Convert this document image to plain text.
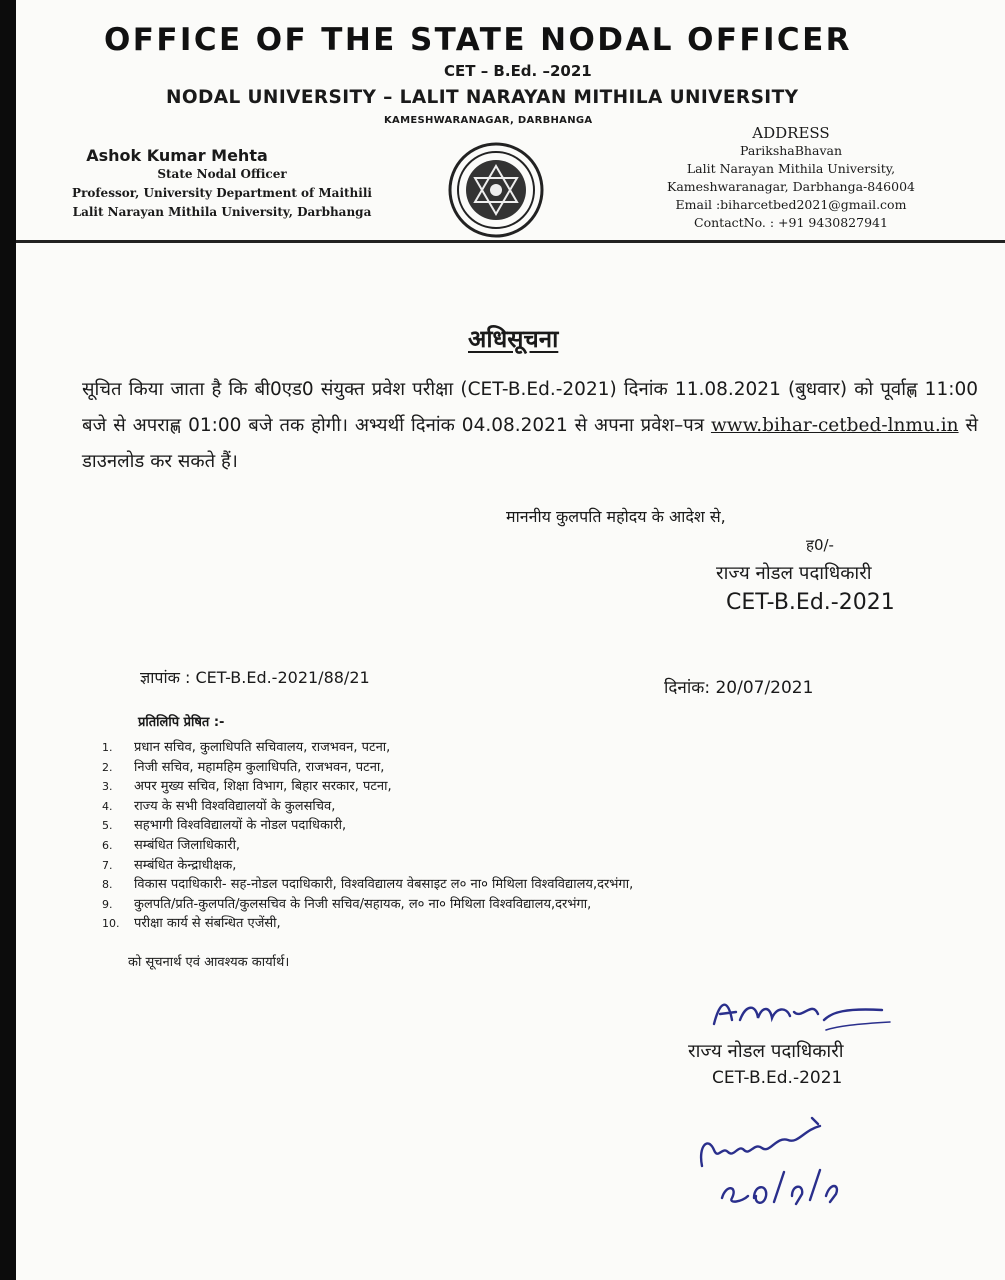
OFFICE OF THE STATE NODAL OFFICER
CET – B.Ed. –2021
NODAL UNIVERSITY – LALIT NARAYAN MITHILA UNIVERSITY
KAMESHWARANAGAR, DARBHANGA
Ashok Kumar Mehta
State Nodal Officer
Professor, University Department of Maithili
Lalit Narayan Mithila University, Darbhanga
ADDRESS
ParikshaBhavan
Lalit Narayan Mithila University,
Kameshwaranagar, Darbhanga-846004
Email :biharcetbed2021@gmail.com
ContactNo. : +91 9430827941
अधिसूचना
सूचित किया जाता है कि बी0एड0 संयुक्त प्रवेश परीक्षा (CET-B.Ed.-2021) दिनांक 11.08.2021 (बुधवार) को पूर्वाह्ण 11:00 बजे से अपराह्ण 01:00 बजे तक होगी। अभ्यर्थी दिनांक 04.08.2021 से अपना प्रवेश–पत्र www.bihar-cetbed-lnmu.in से डाउनलोड कर सकते हैं।
माननीय कुलपति महोदय के आदेश से,
ह0/-
राज्य नोडल पदाधिकारी
CET-B.Ed.-2021
ज्ञापांक : CET-B.Ed.-2021/88/21
दिनांक: 20/07/2021
प्रतिलिपि प्रेषित :-
1.	प्रधान सचिव, कुलाधिपति सचिवालय, राजभवन, पटना,
2.	निजी सचिव, महामहिम कुलाधिपति, राजभवन, पटना,
3.	अपर मुख्य सचिव, शिक्षा विभाग, बिहार सरकार, पटना,
4.	राज्य के सभी विश्वविद्यालयों के कुलसचिव,
5.	सहभागी विश्वविद्यालयों के नोडल पदाधिकारी,
6.	सम्बंधित जिलाधिकारी,
7.	सम्बंधित केन्द्राधीक्षक,
8.	विकास पदाधिकारी- सह-नोडल पदाधिकारी, विश्वविद्यालय वेबसाइट ल० ना० मिथिला विश्वविद्यालय,दरभंगा,
9.	कुलपति/प्रति-कुलपति/कुलसचिव के निजी सचिव/सहायक, ल० ना० मिथिला विश्वविद्यालय,दरभंगा,
10.	परीक्षा कार्य से संबन्धित एजेंसी,
को सूचनार्थ एवं आवश्यक कार्यार्थ।
राज्य नोडल पदाधिकारी
CET-B.Ed.-2021
